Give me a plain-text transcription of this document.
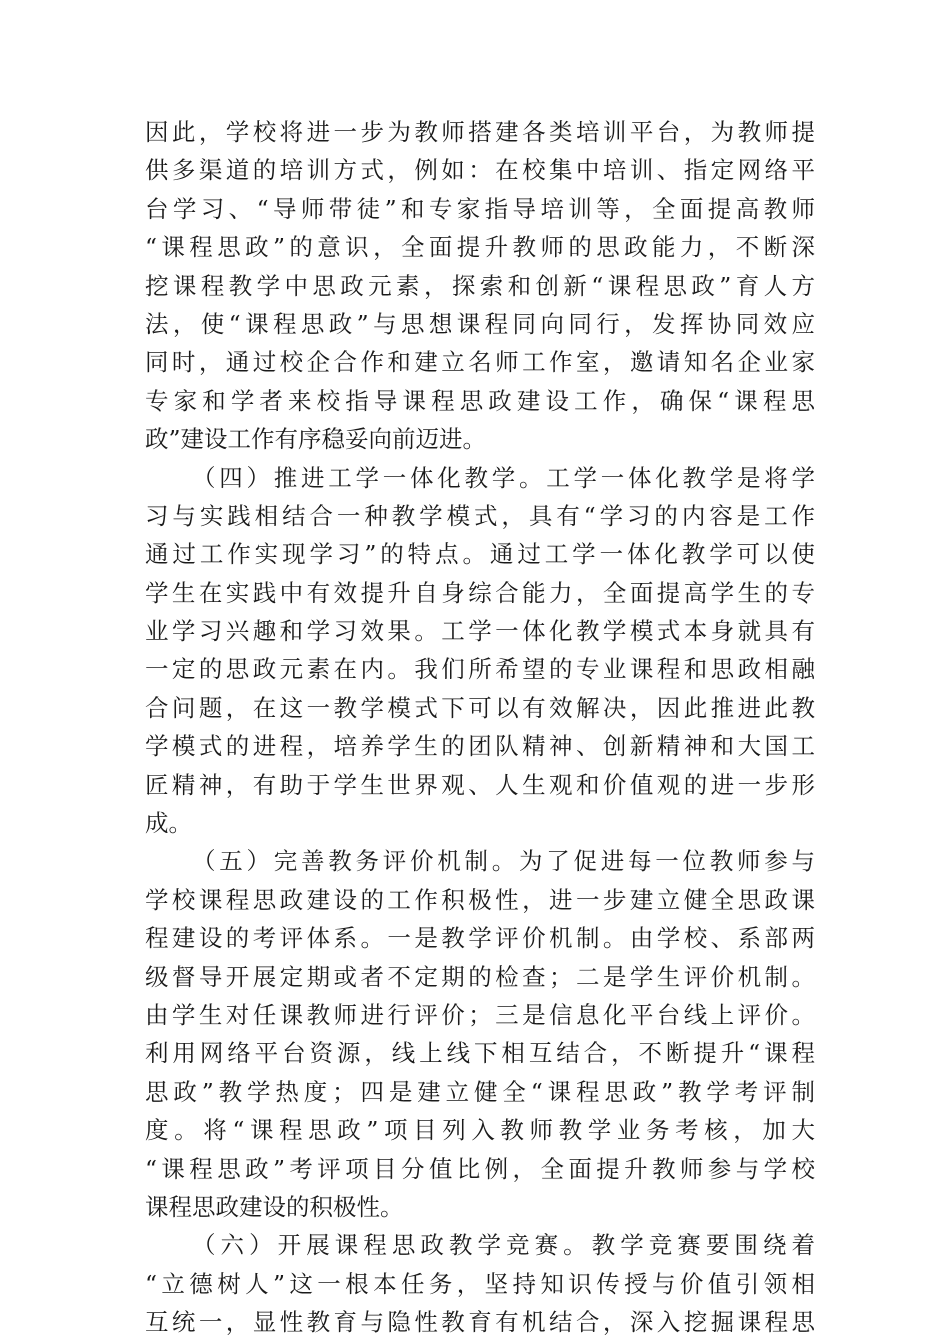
因此，学校将进一步为教师搭建各类培训平台，为教师提
供多渠道的培训方式，例如：在校集中培训、指定网络平
台学习、“导师带徒”和专家指导培训等，全面提高教师
“课程思政”的意识，全面提升教师的思政能力，不断深
挖课程教学中思政元素，探索和创新“课程思政”育人方
法，使“课程思政”与思想课程同向同行，发挥协同效应
同时，通过校企合作和建立名师工作室，邀请知名企业家
专家和学者来校指导课程思政建设工作，确保“课程思
政”建设工作有序稳妥向前迈进。
（四）推进工学一体化教学。工学一体化教学是将学
习与实践相结合一种教学模式，具有“学习的内容是工作
通过工作实现学习”的特点。通过工学一体化教学可以使
学生在实践中有效提升自身综合能力，全面提高学生的专
业学习兴趣和学习效果。工学一体化教学模式本身就具有
一定的思政元素在内。我们所希望的专业课程和思政相融
合问题，在这一教学模式下可以有效解决，因此推进此教
学模式的进程，培养学生的团队精神、创新精神和大国工
匠精神，有助于学生世界观、人生观和价值观的进一步形
成。
（五）完善教务评价机制。为了促进每一位教师参与
学校课程思政建设的工作积极性，进一步建立健全思政课
程建设的考评体系。一是教学评价机制。由学校、系部两
级督导开展定期或者不定期的检查；二是学生评价机制。
由学生对任课教师进行评价；三是信息化平台线上评价。
利用网络平台资源，线上线下相互结合，不断提升“课程
思政”教学热度；四是建立健全“课程思政”教学考评制
度。将“课程思政”项目列入教师教学业务考核，加大
“课程思政”考评项目分值比例，全面提升教师参与学校
课程思政建设的积极性。
（六）开展课程思政教学竞赛。教学竞赛要围绕着
“立德树人”这一根本任务，坚持知识传授与价值引领相
互统一，显性教育与隐性教育有机结合，深入挖掘课程思
